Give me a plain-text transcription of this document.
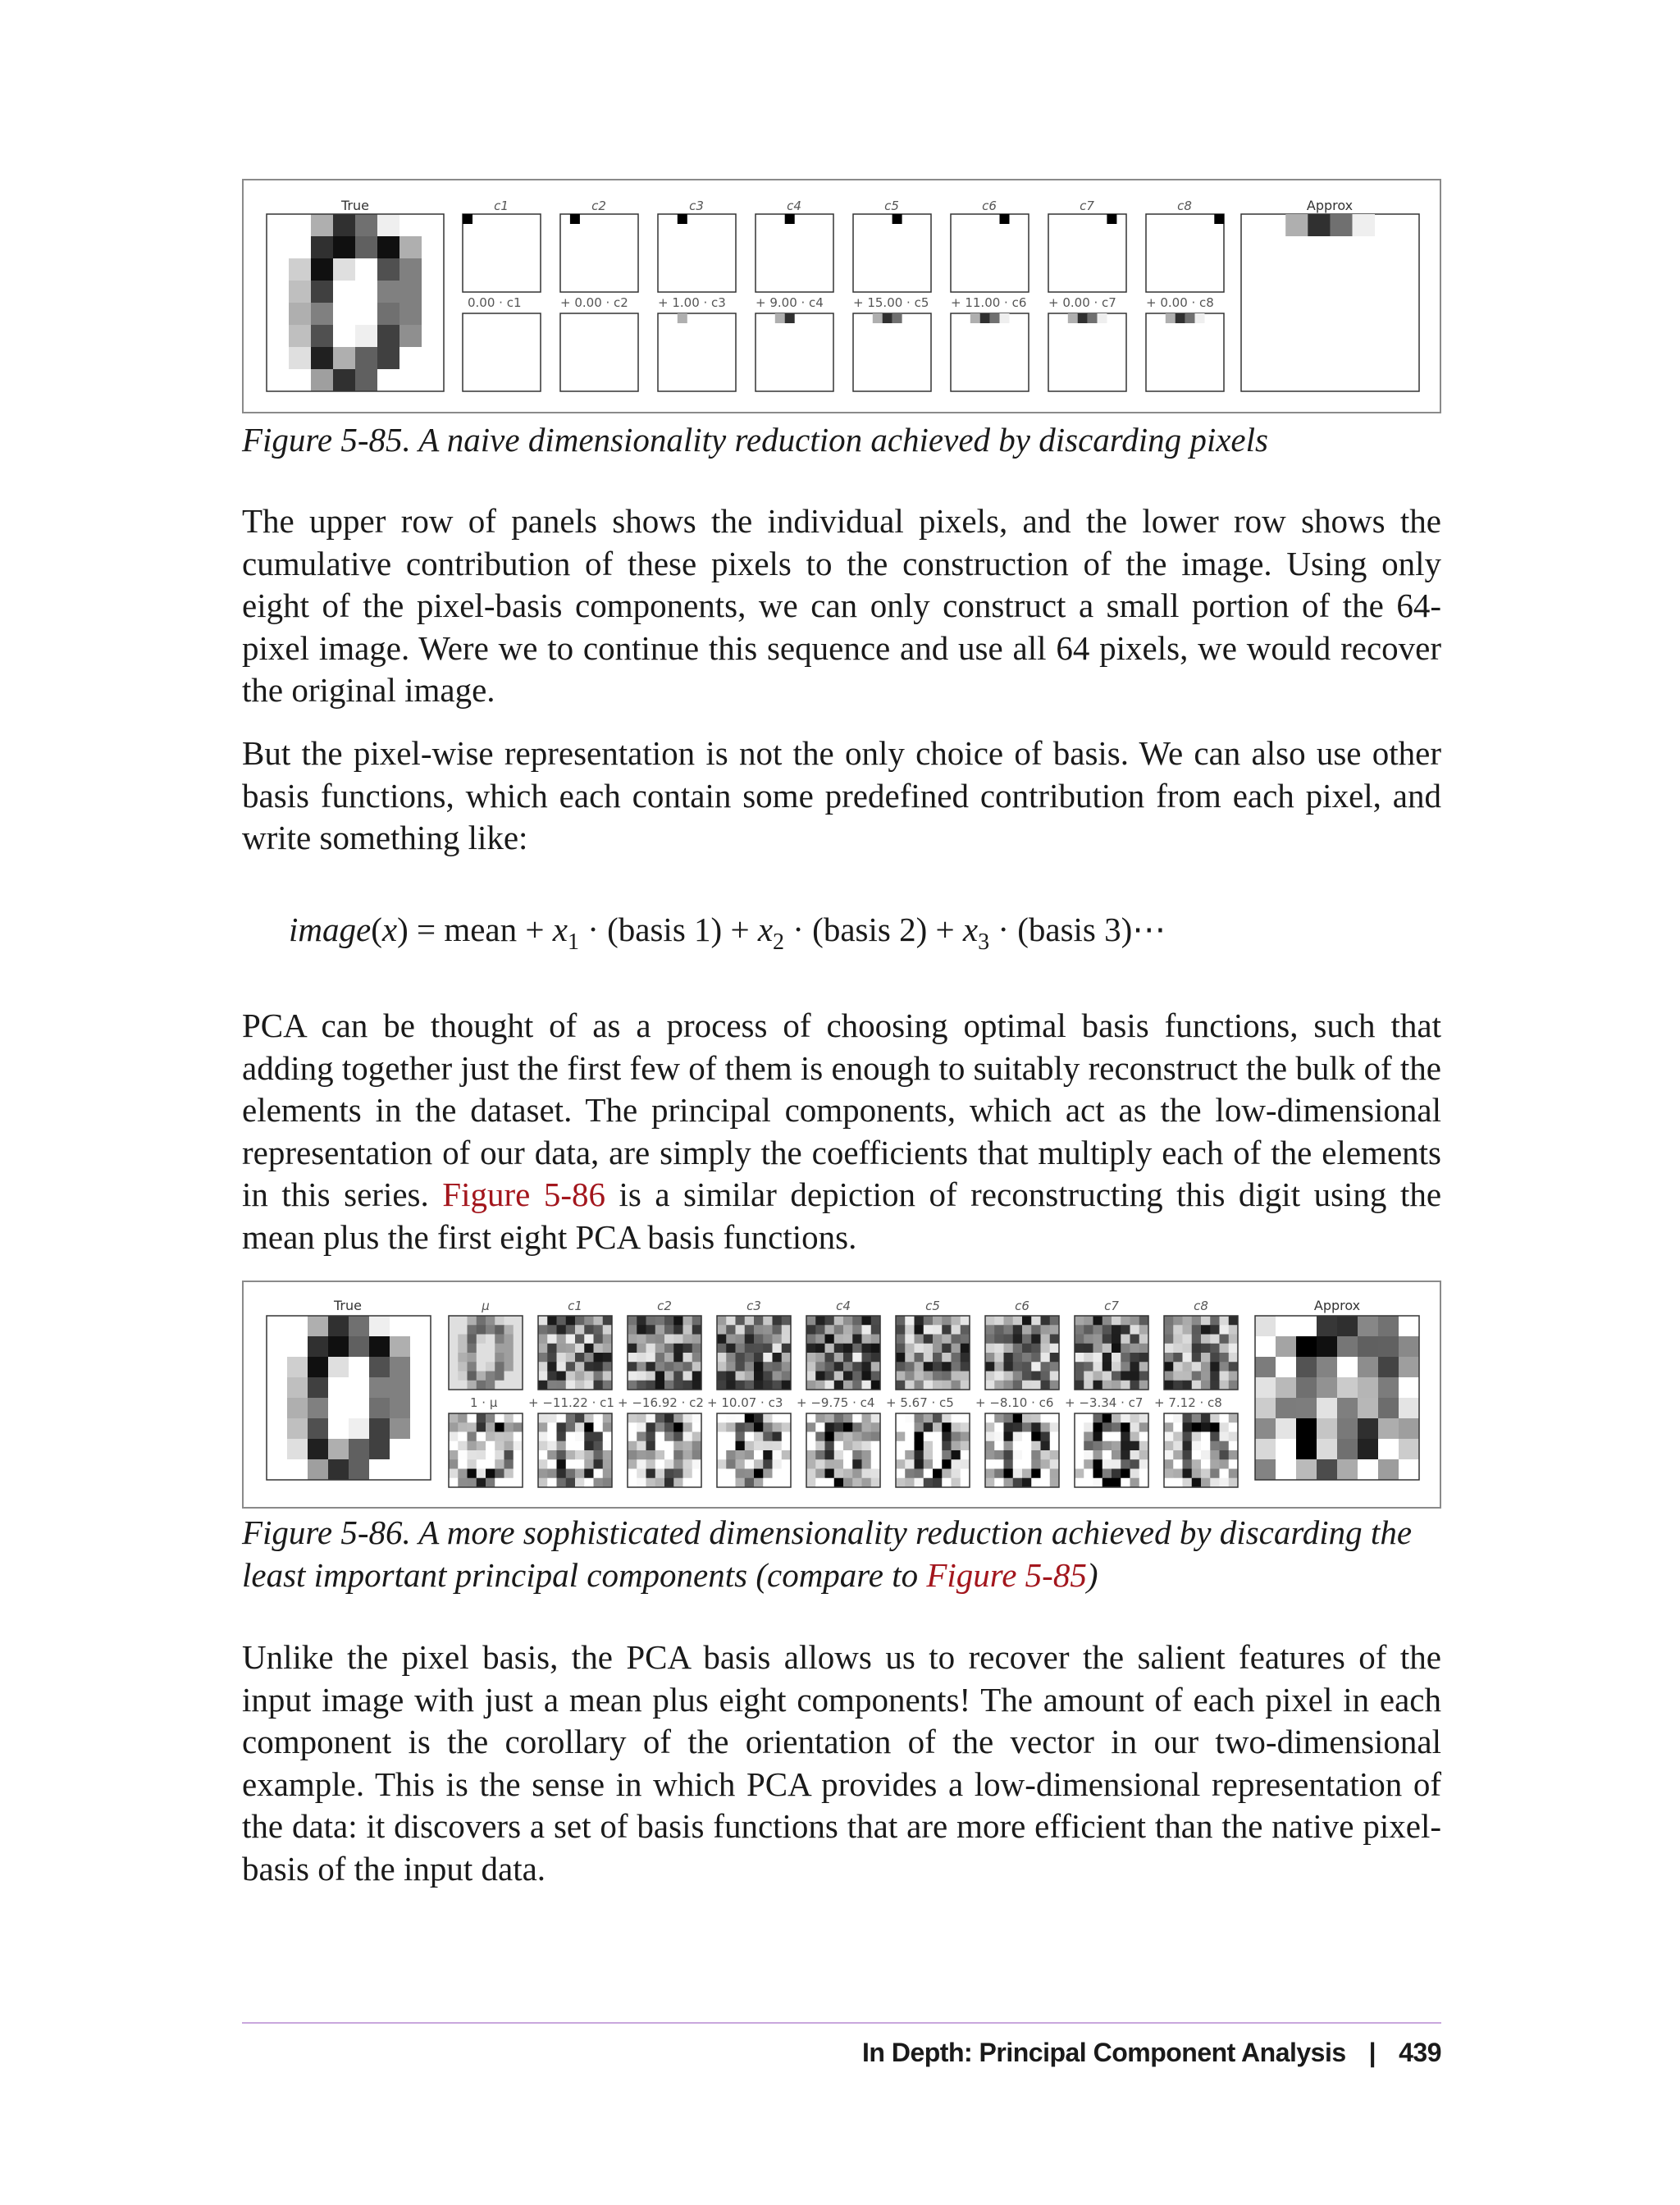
True	c1	c2	c3	c4	c5	c6	c7	c8
0.00 · c1	+ 0.00 · c2 + 1.00 · c3 + 9.00 · c4 + 15.00 · c5 + 11.00 · c6 + 0.00 · c7 + 0.00 · c8
Approx
Figure 5-85. A naive dimensionality reduction achieved by discarding pixels

The upper row of panels shows the individual pixels, and the lower row shows the cumulative contribution of these pixels to the construction of the image. Using only eight of the pixel-basis components, we can only construct a small portion of the 64-pixel image. Were we to continue this sequence and use all 64 pixels, we would recover the original image.

But the pixel-wise representation is not the only choice of basis. We can also use other basis functions, which each contain some predefined contribution from each pixel, and write something like:

image(x) = mean + $x_1$ · (basis $1) + x_2$ · (basis $2) + x_3$ · (basis 3)⋯

PCA can be thought of as a process of choosing optimal basis functions, such that adding together just the first few of them is enough to suitably reconstruct the bulk of the elements in the dataset. The principal components, which act as the low-dimensional representation of our data, are simply the coefficients that multiply each of the elements in this series. Figure 5-86 is a similar depiction of reconstructing this digit using the mean plus the first eight PCA basis functions.

True	μ	c1	c2	c3	c4	c5	c6	c7	c8
1 · μ	+ −11.22 · c1 + −16.92 · c2 + 10.07 · c3 + −9.75 · c4 + 5.67 · c5 + −8.10 · c6 + −3.34 · c7 + 7.12 · c8
Approx
Figure 5-86. A more sophisticated dimensionality reduction achieved by discarding the least important principal components (compare to Figure 5-85)

Unlike the pixel basis, the PCA basis allows us to recover the salient features of the input image with just a mean plus eight components! The amount of each pixel in each component is the corollary of the orientation of the vector in our two-dimensional example. This is the sense in which PCA provides a low-dimensional representation of the data: it discovers a set of basis functions that are more efficient than the native pixel-basis of the input data.

In Depth: Principal Component Analysis | 439
